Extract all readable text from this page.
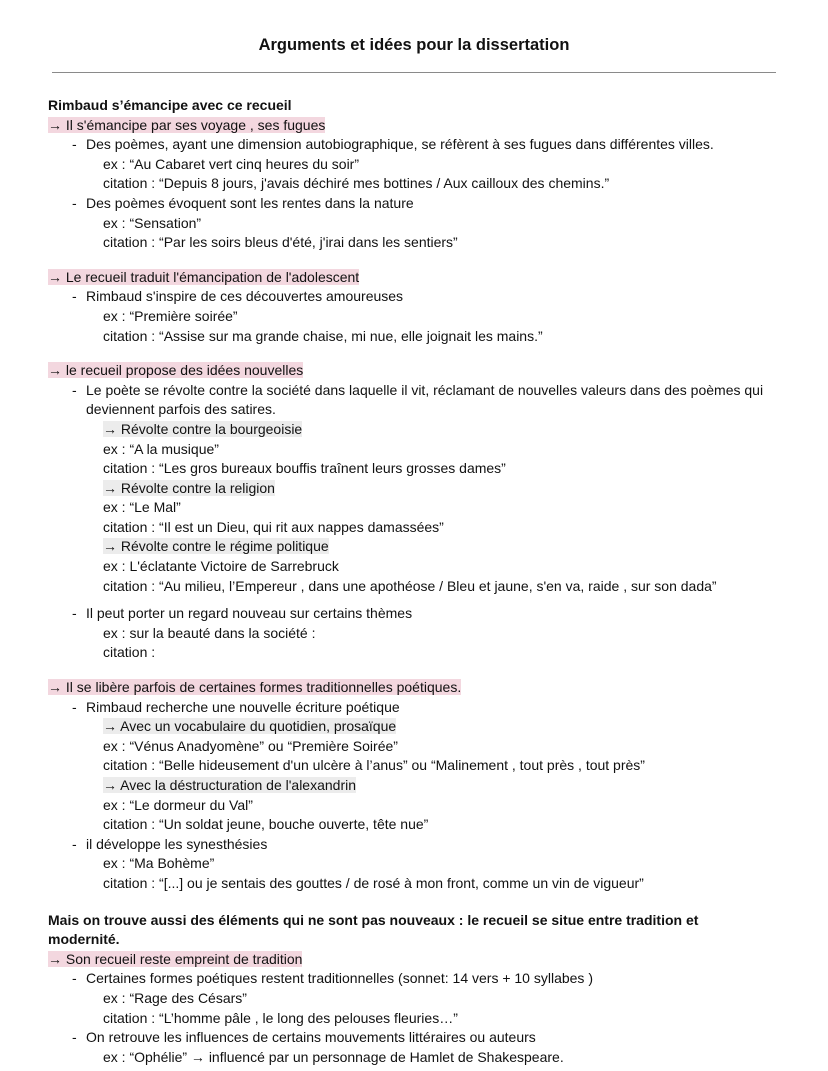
Arguments et idées pour la dissertation
Rimbaud s’émancipe avec ce recueil
→ Il s'émancipe par ses voyage , ses fugues
- Des poèmes, ayant une dimension autobiographique, se réfèrent à ses fugues dans différentes villes.
ex : “Au Cabaret vert cinq heures du soir”
citation : “Depuis 8 jours, j'avais déchiré mes bottines / Aux cailloux des chemins.”
- Des poèmes évoquent sont les rentes dans la nature
ex : “Sensation”
citation : “Par les soirs bleus d'été, j'irai dans les sentiers”
→ Le recueil traduit l'émancipation de l'adolescent
- Rimbaud s'inspire de ces découvertes amoureuses
ex : “Première soirée”
citation : “Assise sur ma grande chaise, mi nue, elle joignait les mains.”
→ le recueil propose des idées nouvelles
- Le poète se révolte contre la société dans laquelle il vit, réclamant de nouvelles valeurs dans des poèmes qui deviennent parfois des satires.
→ Révolte contre la bourgeoisie
ex : “A la musique”
citation : “Les gros bureaux bouffis traînent leurs grosses dames”
→ Révolte contre la religion
ex : “Le Mal”
citation : “Il est un Dieu, qui rit aux nappes damassées”
→ Révolte contre le régime politique
ex : L'éclatante Victoire de Sarrebruck
citation : “Au milieu, l’Empereur , dans une apothéose / Bleu et jaune, s'en va, raide , sur son dada”
- Il peut porter un regard nouveau sur certains thèmes
ex : sur la beauté dans la société :
citation :
→ Il se libère parfois de certaines formes traditionnelles poétiques.
- Rimbaud recherche une nouvelle écriture poétique
→ Avec un vocabulaire du quotidien, prosaïque
ex : “Vénus Anadyomène” ou “Première Soirée”
citation : “Belle hideusement d'un ulcère à l’anus” ou “Malinement , tout près , tout près”
→ Avec la déstructuration de l'alexandrin
ex : “Le dormeur du Val”
citation : “Un soldat jeune, bouche ouverte, tête nue”
- il développe les synesthésies
ex : “Ma Bohème”
citation : “[...] ou je sentais des gouttes / de rosé à mon front, comme un vin de vigueur”
Mais on trouve aussi des éléments qui ne sont pas nouveaux : le recueil se situe entre tradition et
modernité.
→ Son recueil reste empreint de tradition
- Certaines formes poétiques restent traditionnelles (sonnet: 14 vers + 10 syllabes )
ex : “Rage des Césars”
citation : “L’homme pâle , le long des pelouses fleuries…”
- On retrouve les influences de certains mouvements littéraires ou auteurs
ex : “Ophélie” → influencé par un personnage de Hamlet de Shakespeare.
